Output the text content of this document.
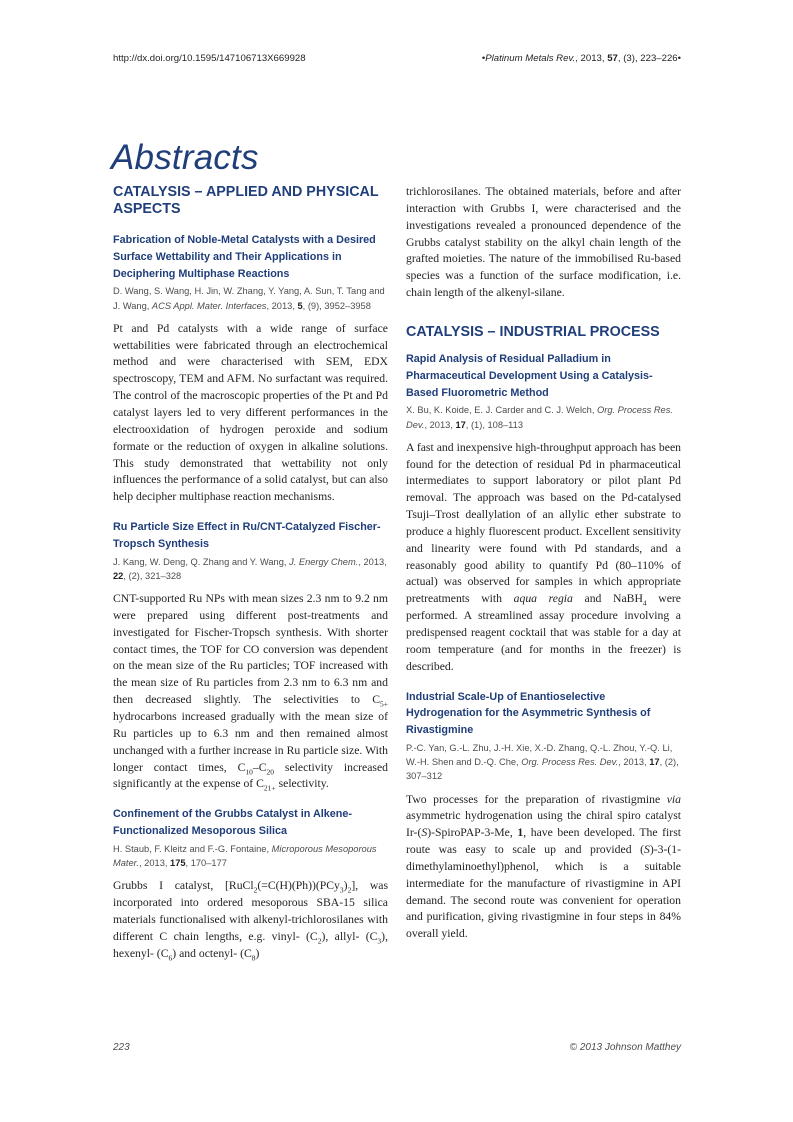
http://dx.doi.org/10.1595/147106713X669928	•Platinum Metals Rev., 2013, 57, (3), 223–226•
Abstracts
CATALYSIS – APPLIED AND PHYSICAL ASPECTS
Fabrication of Noble-Metal Catalysts with a Desired Surface Wettability and Their Applications in Deciphering Multiphase Reactions

D. Wang, S. Wang, H. Jin, W. Zhang, Y. Yang, A. Sun, T. Tang and J. Wang, ACS Appl. Mater. Interfaces, 2013, 5, (9), 3952–3958

Pt and Pd catalysts with a wide range of surface wettabilities were fabricated through an electrochemical method and were characterised with SEM, EDX spectroscopy, TEM and AFM. No surfactant was required. The control of the macroscopic properties of the Pt and Pd catalyst layers led to very different performances in the electrooxidation of hydrogen peroxide and sodium formate or the reduction of oxygen in alkaline solutions. This study demonstrated that wettability not only influences the performance of a solid catalyst, but can also help decipher multiphase reaction mechanisms.

Ru Particle Size Effect in Ru/CNT-Catalyzed Fischer-Tropsch Synthesis

J. Kang, W. Deng, Q. Zhang and Y. Wang, J. Energy Chem., 2013, 22, (2), 321–328

CNT-supported Ru NPs with mean sizes 2.3 nm to 9.2 nm were prepared using different post-treatments and investigated for Fischer-Tropsch synthesis. With shorter contact times, the TOF for CO conversion was dependent on the mean size of the Ru particles; TOF increased with the mean size of Ru particles from 2.3 nm to 6.3 nm and then decreased slightly. The selectivities to $C_{5+}$ hydrocarbons increased gradually with the mean size of Ru particles up to 6.3 nm and then remained almost unchanged with a further increase in Ru particle size. With longer contact times, $C_{10}-C_{20}$ selectivity increased significantly at the expense of $C_{21+}$ selectivity.

Confinement of the Grubbs Catalyst in Alkene-Functionalized Mesoporous Silica

H. Staub, F. Kleitz and F.-G. Fontaine, Microporous Mesoporous Mater., 2013, 175, 170–177

Grubbs I catalyst, $[RuCl_2(=C(H)(Ph))(PCy_3)_2]$, was incorporated into ordered mesoporous SBA-15 silica materials functionalised with alkenyl-trichlorosilanes with different C chain lengths, e.g. vinyl- $(C_2)$, allyl- $(C_3)$, hexenyl- $(C_6)$ and octenyl- $(C_8)$

trichlorosilanes. The obtained materials, before and after interaction with Grubbs I, were characterised and the investigations revealed a pronounced dependence of the Grubbs catalyst stability on the alkyl chain length of the grafted moieties. The nature of the immobilised Ru-based species was a function of the surface modification, i.e. chain length of the alkenyl-silane.

CATALYSIS – INDUSTRIAL PROCESS
Rapid Analysis of Residual Palladium in Pharmaceutical Development Using a Catalysis-Based Fluorometric Method

X. Bu, K. Koide, E. J. Carder and C. J. Welch, Org. Process Res. Dev., 2013, 17, (1), 108–113

A fast and inexpensive high-throughput approach has been found for the detection of residual Pd in pharmaceutical intermediates to support laboratory or pilot plant Pd removal. The approach was based on the Pd-catalysed Tsuji–Trost deallylation of an allylic ether substrate to produce a highly fluorescent product. Excellent sensitivity and linearity were found with Pd standards, and a reasonably good ability to quantify Pd (80–110% of actual) was observed for samples in which appropriate pretreatments with aqua regia and NaBH$_4$ were performed. A streamlined assay procedure involving a predispensed reagent cocktail that was stable for a day at room temperature (and for months in the freezer) is described.

Industrial Scale-Up of Enantioselective Hydrogenation for the Asymmetric Synthesis of Rivastigmine

P.-C. Yan, G.-L. Zhu, J.-H. Xie, X.-D. Zhang, Q.-L. Zhou, Y.-Q. Li, W.-H. Shen and D.-Q. Che, Org. Process Res. Dev., 2013, 17, (2), 307–312

Two processes for the preparation of rivastigmine via asymmetric hydrogenation using the chiral spiro catalyst Ir-(S)-SpiroPAP-3-Me, 1, have been developed. The first route was easy to scale up and provided (S)-3-(1-dimethylaminoethyl)phenol, which is a suitable intermediate for the manufacture of rivastigmine in API demand. The second route was convenient for operation and purification, giving rivastigmine in four steps in 84% overall yield.

223	© 2013 Johnson Matthey
